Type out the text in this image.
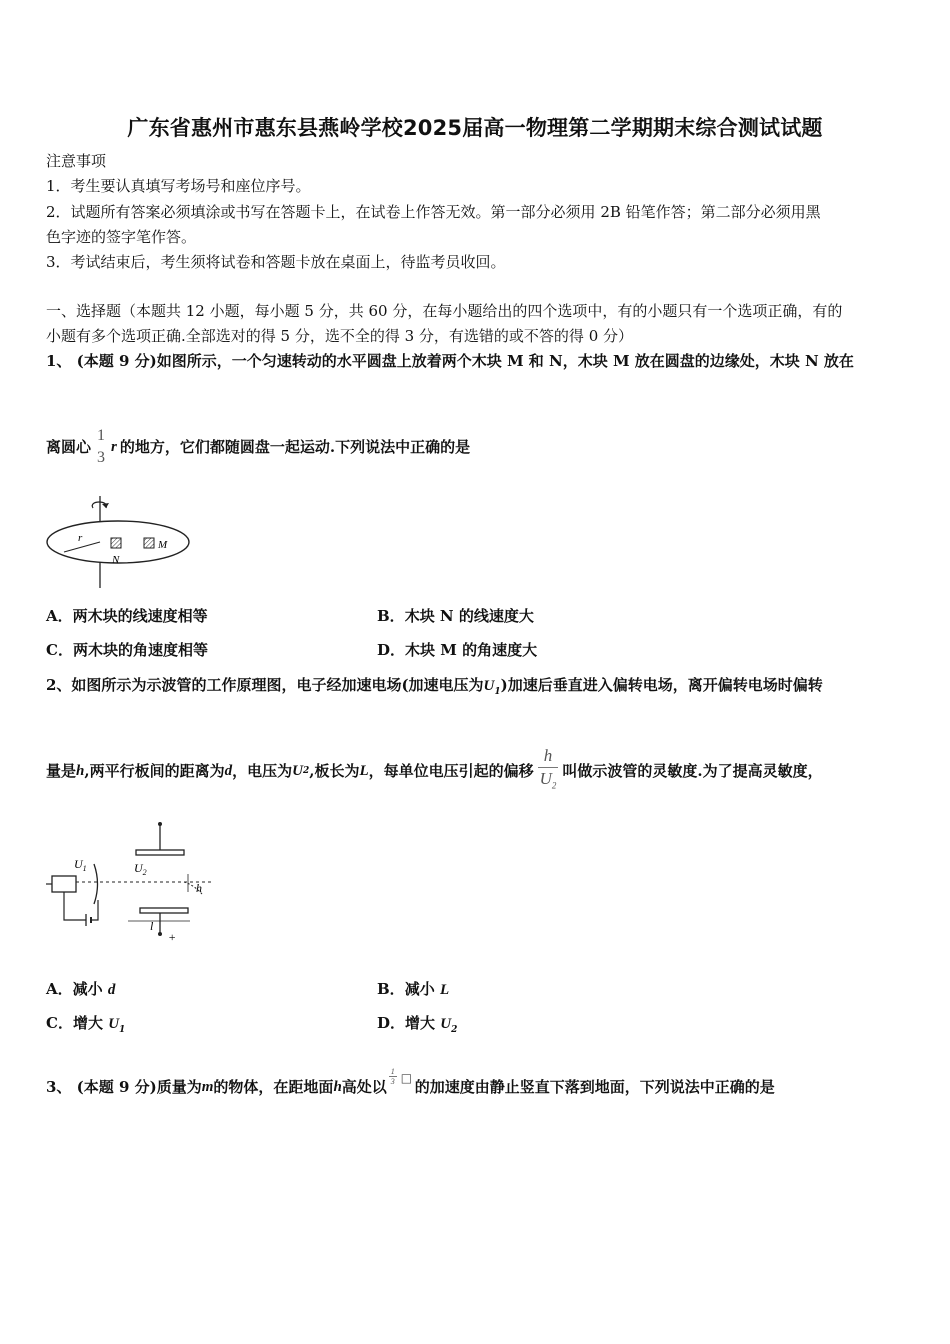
广东省惠州市惠东县燕岭学校2025届高一物理第二学期期末综合测试试题
注意事项
1．考生要认真填写考场号和座位序号。
2．试题所有答案必须填涂或书写在答题卡上，在试卷上作答无效。第一部分必须用 2B 铅笔作答；第二部分必须用黑
色字迹的签字笔作答。
3．考试结束后，考生须将试卷和答题卡放在桌面上，待监考员收回。
一、选择题（本题共 12 小题，每小题 5 分，共 60 分，在每小题给出的四个选项中，有的小题只有一个选项正确，有的
小题有多个选项正确.全部选对的得 5 分，选不全的得 3 分，有选错的或不答的得 0 分）
1、 (本题 9 分)如图所示，一个匀速转动的水平圆盘上放着两个木块 M 和 N，木块 M 放在圆盘的边缘处，木块 N 放在
离圆心
1
3
r 的地方，它们都随圆盘一起运动.下列说法中正确的是
r
N
M
A．两木块的线速度相等	B．木块 N 的线速度大
C．两木块的角速度相等	D．木块 M 的角速度大
2、如图所示为示波管的工作原理图，电子经加速电场(加速电压为$U_1$)加速后垂直进入偏转电场，离开偏转电场时偏转
量是 h ,两平行板间的距离为 d ，电压为 U 2 ,板长为 L ，每单位电压引起的偏移 $\frac{h}{U_2}$ 叫做示波管的灵敏度.为了提高灵敏度，
$U_2$
+
l
$U_1$
h
A．减小 d	B．减小 L
C．增大 $U_1$	D．增大 $U_2$
3、 (本题 9 分)质量为 m 的物体，在距地面 h 高处以
$\frac{1}{3}$ □ 的加速度由静止竖直下落到地面，下列说法中正确的是
